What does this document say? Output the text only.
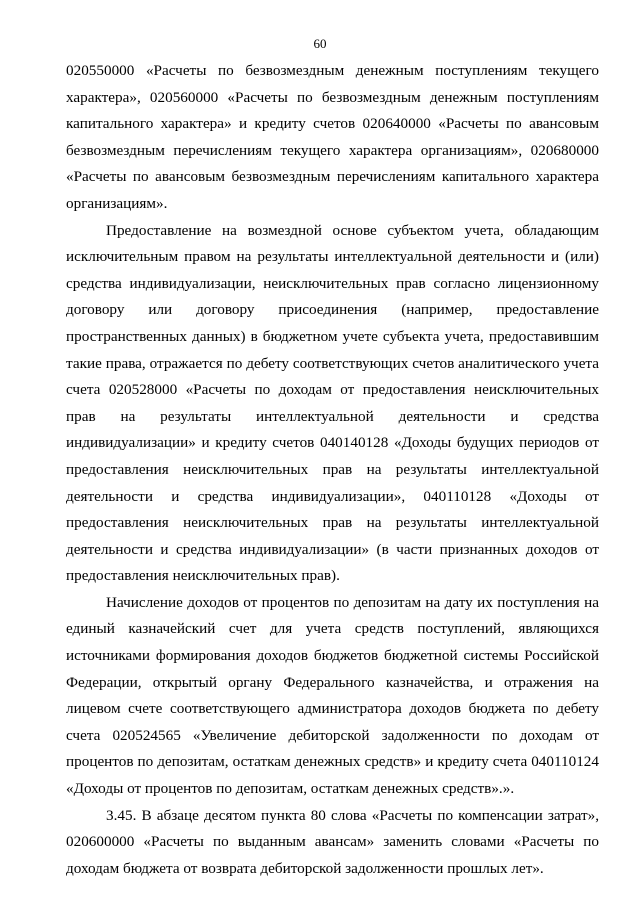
60

020550000 «Расчеты по безвозмездным денежным поступлениям текущего характера», 020560000 «Расчеты по безвозмездным денежным поступлениям капитального характера» и кредиту счетов 020640000 «Расчеты по авансовым безвозмездным перечислениям текущего характера организациям», 020680000 «Расчеты по авансовым безвозмездным перечислениям капитального характера организациям».

Предоставление на возмездной основе субъектом учета, обладающим исключительным правом на результаты интеллектуальной деятельности и (или) средства индивидуализации, неисключительных прав согласно лицензионному договору или договору присоединения (например, предоставление пространственных данных) в бюджетном учете субъекта учета, предоставившим такие права, отражается по дебету соответствующих счетов аналитического учета счета 020528000 «Расчеты по доходам от предоставления неисключительных прав на результаты интеллектуальной деятельности и средства индивидуализации» и кредиту счетов 040140128 «Доходы будущих периодов от предоставления неисключительных прав на результаты интеллектуальной деятельности и средства индивидуализации», 040110128 «Доходы от предоставления неисключительных прав на результаты интеллектуальной деятельности и средства индивидуализации» (в части признанных доходов от предоставления неисключительных прав).

Начисление доходов от процентов по депозитам на дату их поступления на единый казначейский счет для учета средств поступлений, являющихся источниками формирования доходов бюджетов бюджетной системы Российской Федерации, открытый органу Федерального казначейства, и отражения на лицевом счете соответствующего администратора доходов бюджета по дебету счета 020524565 «Увеличение дебиторской задолженности по доходам от процентов по депозитам, остаткам денежных средств» и кредиту счета 040110124 «Доходы от процентов по депозитам, остаткам денежных средств».».

3.45. В абзаце десятом пункта 80 слова «Расчеты по компенсации затрат», 020600000 «Расчеты по выданным авансам» заменить словами «Расчеты по доходам бюджета от возврата дебиторской задолженности прошлых лет».
